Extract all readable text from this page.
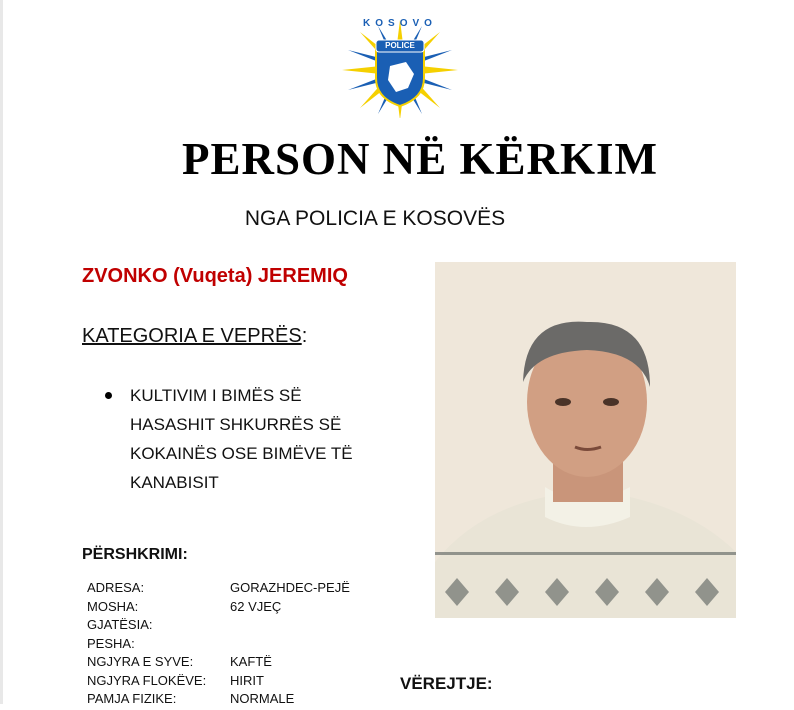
POLICE
KOSOVO
PERSON NË KËRKIM
NGA POLICIA E KOSOVËS
ZVONKO (Vuqeta) JEREMIQ
KATEGORIA E VEPRËS:
KULTIVIM I BIMËS SË HASASHIT SHKURRËS SË KOKAINËS OSE BIMËVE TË KANABISIT
PËRSHKRIMI:
ADRESA:	GORAZHDEC-PEJË
MOSHA:	62 VJEÇ
GJATËSIA:
PESHA:
NGJYRA E SYVE:	KAFTË
NGJYRA FLOKËVE:	HIRIT
PAMJA FIZIKE:	NORMALE
VËREJTJE:
